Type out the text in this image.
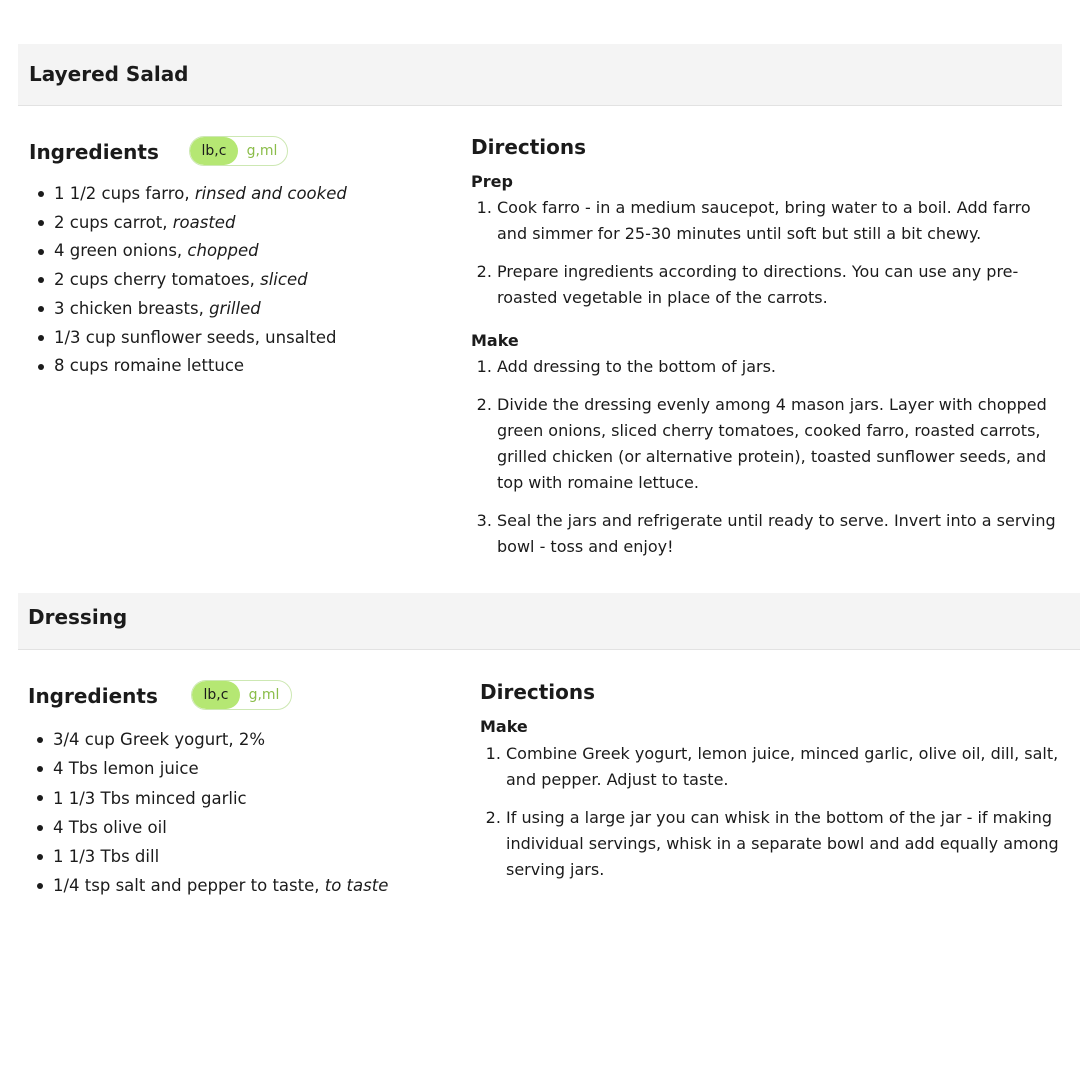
Layered Salad
Ingredients	lb,c	g,ml
1 1/2 cups farro, rinsed and cooked
2 cups carrot, roasted
4 green onions, chopped
2 cups cherry tomatoes, sliced
3 chicken breasts, grilled
1/3 cup sunflower seeds, unsalted
8 cups romaine lettuce
Directions
Prep
1. Cook farro - in a medium saucepot, bring water to a boil. Add farro and simmer for 25-30 minutes until soft but still a bit chewy.
2. Prepare ingredients according to directions. You can use any pre-roasted vegetable in place of the carrots.
Make
1. Add dressing to the bottom of jars.
2. Divide the dressing evenly among 4 mason jars. Layer with chopped green onions, sliced cherry tomatoes, cooked farro, roasted carrots, grilled chicken (or alternative protein), toasted sunflower seeds, and top with romaine lettuce.
3. Seal the jars and refrigerate until ready to serve. Invert into a serving bowl - toss and enjoy!
Dressing
Ingredients	lb,c	g,ml
3/4 cup Greek yogurt, 2%
4 Tbs lemon juice
1 1/3 Tbs minced garlic
4 Tbs olive oil
1 1/3 Tbs dill
1/4 tsp salt and pepper to taste, to taste
Directions
Make
1. Combine Greek yogurt, lemon juice, minced garlic, olive oil, dill, salt, and pepper. Adjust to taste.
2. If using a large jar you can whisk in the bottom of the jar - if making individual servings, whisk in a separate bowl and add equally among serving jars.
